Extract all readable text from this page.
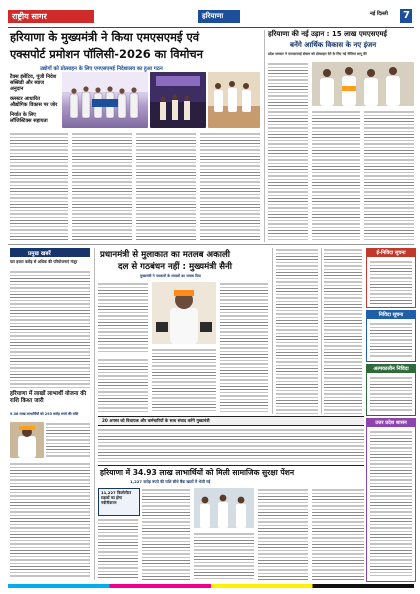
राष्ट्रीय सागर	हरियाणा	नई दिल्ली 7
हरियाणा के मुख्यमंत्री ने किया एमएसएमई एवं
एक्सपोर्ट प्रमोशन पॉलिसी-2026 का विमोचन
उद्योगों को प्रोत्साहन के लिए एमएसएमई निदेशालय का हुआ गठन
टैक्स इंसेंटिव, पूंजी निवेश सब्सिडी और ब्याज अनुदान
क्लस्टर आधारित औद्योगिक विकास पर जोर
निर्यात के लिए लॉजिस्टिक्स सहायता
हरियाणा की नई उड़ान : 15 लाख एमएसएमई
बनेंगे आर्थिक विकास के नए इंजन
प्रदेश सरकार ने एमएसएमई सेक्टर को प्रोत्साहन देने के लिए नई नीतियां लागू कीं
प्रमुख खबरें
चार हजार करोड़ से अधिक की परियोजनाएं मंजूर
हरियाणा में लाखों लाभार्थी योजना की राशि किश्त जारी
9.36 लाख लाभार्थियों को 293 करोड़ रुपये की राशि
प्रधानमंत्री से मुलाकात का मतलब अकाली
दल से गठबंधन नहीं : मुख्यमंत्री सैनी
मुख्यमंत्री ने पत्रकारों के सवालों का जवाब दिया
ई-निविदा सूचना
निविदा सूचना
अल्पकालीन निविदा
20 अगस्त को विधायक और कर्मचारियों के साथ संवाद करेंगे मुख्यमंत्री
हरियाणा में 34.93 लाख लाभार्थियों को मिली सामाजिक सुरक्षा पेंशन
1,227 करोड़ रुपये की राशि सीधे बैंक खातों में भेजी गई
11,227 किलोमीटर सड़कों का होगा नवीनीकरण
उत्तर प्रदेश शासन
